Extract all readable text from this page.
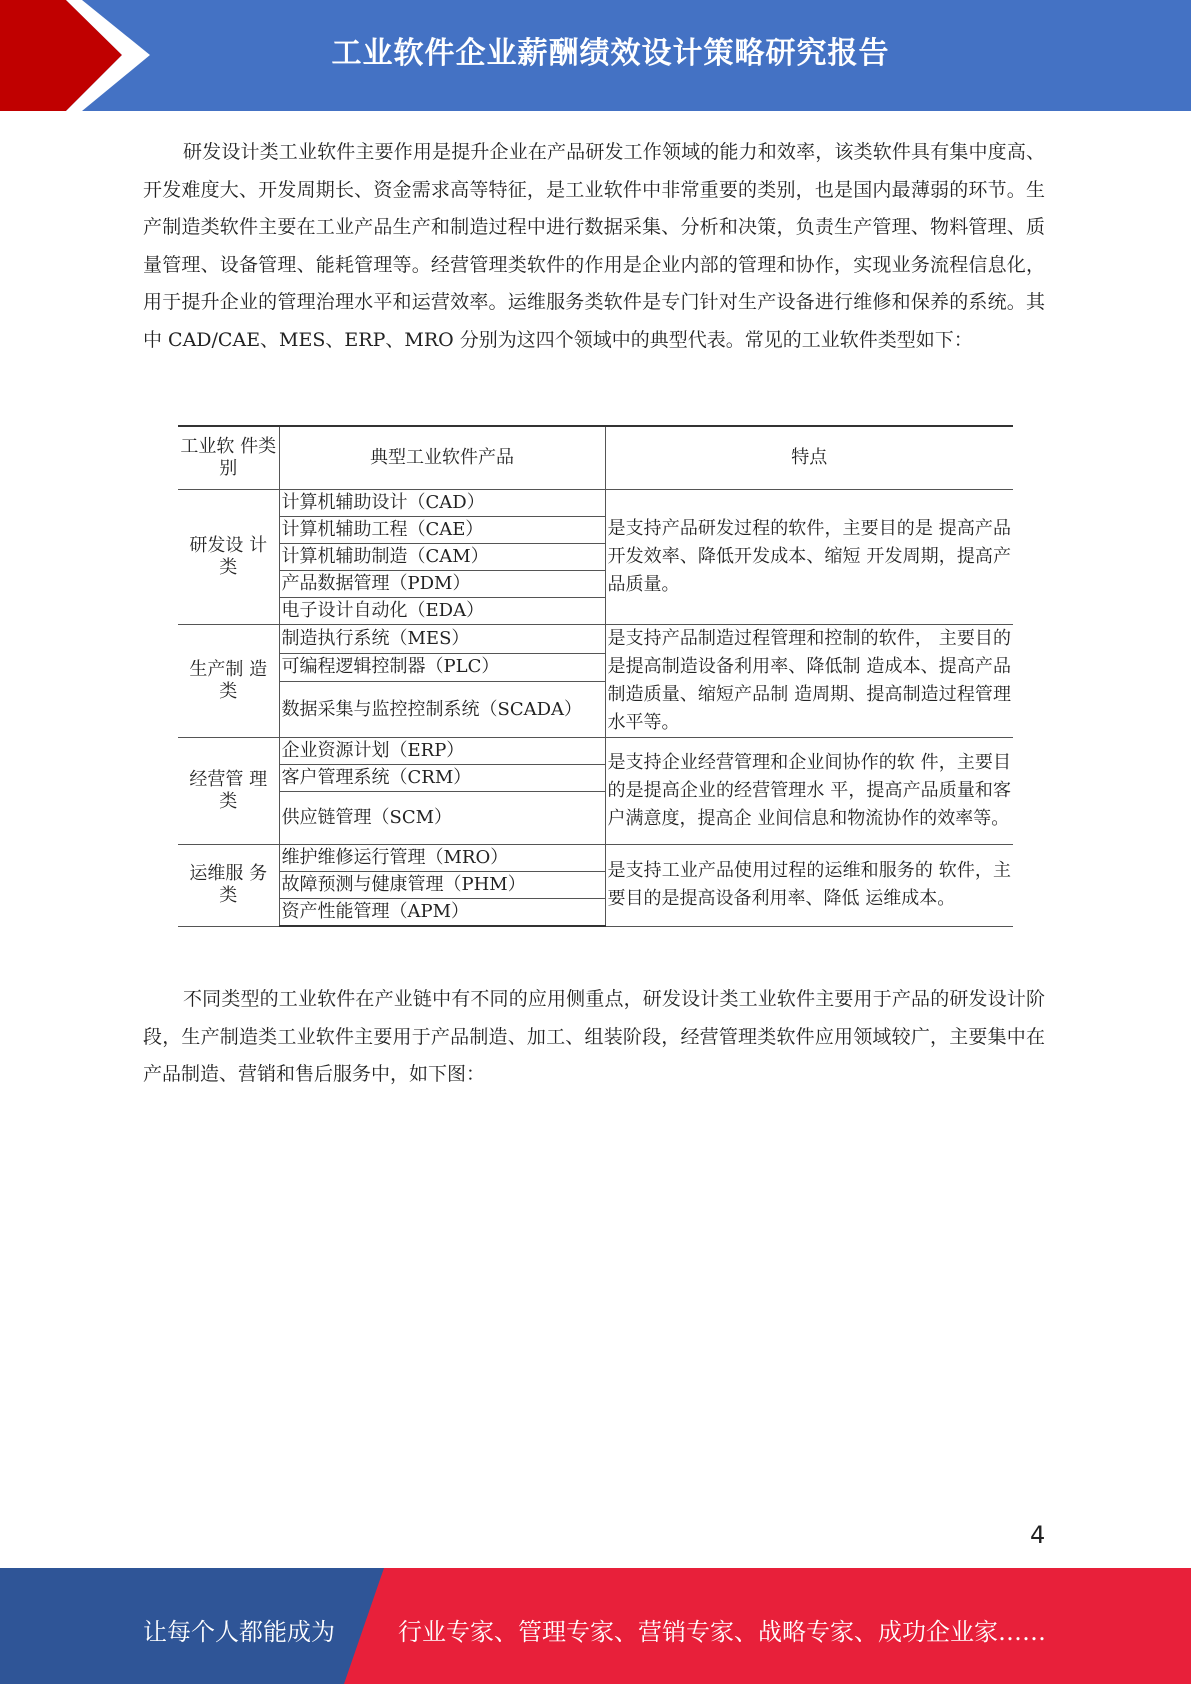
工业软件企业薪酬绩效设计策略研究报告

研发设计类工业软件主要作用是提升企业在产品研发工作领域的能力和效率，该类软件具有集中度高、开发难度大、开发周期长、资金需求高等特征，是工业软件中非常重要的类别，也是国内最薄弱的环节。生产制造类软件主要在工业产品生产和制造过程中进行数据采集、分析和决策，负责生产管理、物料管理、质量管理、设备管理、能耗管理等。经营管理类软件的作用是企业内部的管理和协作，实现业务流程信息化，用于提升企业的管理治理水平和运营效率。运维服务类软件是专门针对生产设备进行维修和保养的系统。其中 CAD/CAE、MES、ERP、MRO 分别为这四个领域中的典型代表。常见的工业软件类型如下：

工业软 件类别	典型工业软件产品	特点
研发设 计类	计算机辅助设计（CAD）	是支持产品研发过程的软件，主要目的是 提高产品开发效率、降低开发成本、缩短 开发周期，提高产品质量。
	计算机辅助工程（CAE）	
	计算机辅助制造（CAM）	
	产品数据管理（PDM）	
	电子设计自动化（EDA）	
生产制 造类	制造执行系统（MES）	是支持产品制造过程管理和控制的软件， 主要目的是提高制造设备利用率、降低制 造成本、提高产品制造质量、缩短产品制 造周期、提高制造过程管理水平等。
	可编程逻辑控制器（PLC）	
	数据采集与监控控制系统（SCADA）	
经营管 理类	企业资源计划（ERP）	是支持企业经营管理和企业间协作的软 件，主要目的是提高企业的经营管理水 平，提高产品质量和客户满意度，提高企 业间信息和物流协作的效率等。
	客户管理系统（CRM）	
	供应链管理（SCM）	
运维服 务类	维护维修运行管理（MRO）	是支持工业产品使用过程的运维和服务的 软件，主要目的是提高设备利用率、降低 运维成本。
	故障预测与健康管理（PHM）	
	资产性能管理（APM）	

不同类型的工业软件在产业链中有不同的应用侧重点，研发设计类工业软件主要用于产品的研发设计阶段，生产制造类工业软件主要用于产品制造、加工、组装阶段，经营管理类软件应用领域较广，主要集中在产品制造、营销和售后服务中，如下图：

4
让每个人都能成为	行业专家、管理专家、营销专家、战略专家、成功企业家……
